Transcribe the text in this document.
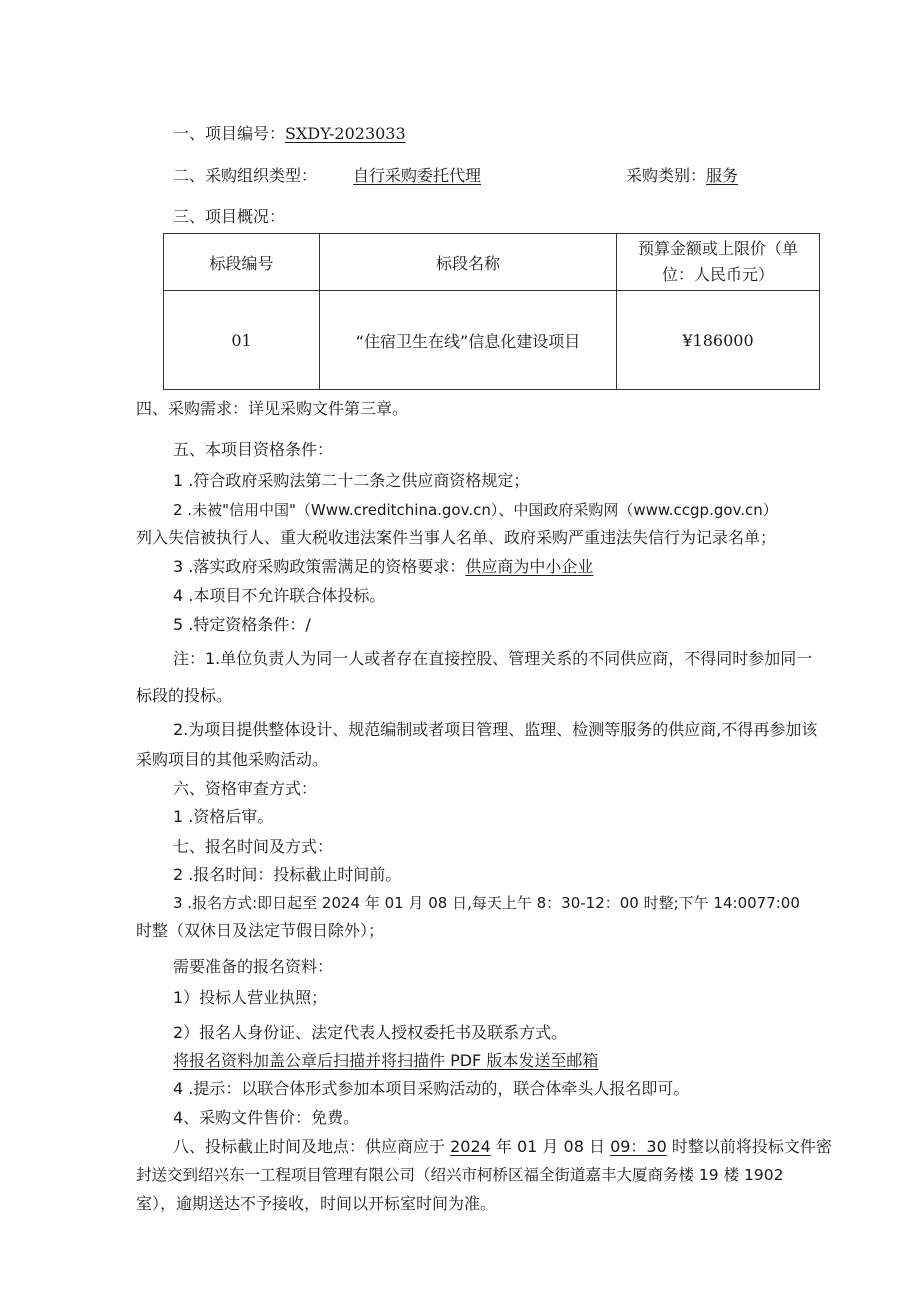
一、项目编号：SXDY-2023033
二、采购组织类型： 自行采购委托代理	采购类别：服务
三、项目概况：
标段编号	标段名称	预算金额或上限价（单
位：人民币元）

01	“住宿卫生在线”信息化建设项目	¥186000
四、采购需求：详见采购文件第三章。
五、本项目资格条件：
1 .符合政府采购法第二十二条之供应商资格规定；
2 .未被"信用中国"（Www.creditchina.gov.cn）、中国政府采购网（www.ccgp.gov.cn）
列入失信被执行人、重大税收违法案件当事人名单、政府采购严重违法失信行为记录名单；
3 .落实政府采购政策需满足的资格要求：供应商为中小企业
4 .本项目不允许联合体投标。
5 .特定资格条件：/
注：1.单位负责人为同一人或者存在直接控股、管理关系的不同供应商，不得同时参加同一
标段的投标。
2.为项目提供整体设计、规范编制或者项目管理、监理、检测等服务的供应商,不得再参加该
采购项目的其他采购活动。
六、资格审查方式：
1 .资格后审。
七、报名时间及方式：
2 .报名时间：投标截止时间前。
3 .报名方式:即日起至 2024 年 01 月 08 日,每天上午 8：30-12：00 时整;下午 14:0077:00
时整（双休日及法定节假日除外）；
需要准备的报名资料：
1）投标人营业执照；
2）报名人身份证、法定代表人授权委托书及联系方式。
将报名资料加盖公章后扫描并将扫描件 PDF 版本发送至邮箱
4 .提示：以联合体形式参加本项目采购活动的，联合体牵头人报名即可。
4、采购文件售价：免费。
八、投标截止时间及地点：供应商应于 2024 年 01 月 08 日 09：30 时整以前将投标文件密
封送交到绍兴东一工程项目管理有限公司（绍兴市柯桥区福全街道嘉丰大厦商务楼 19 楼 1902
室），逾期送达不予接收，时间以开标室时间为准。
